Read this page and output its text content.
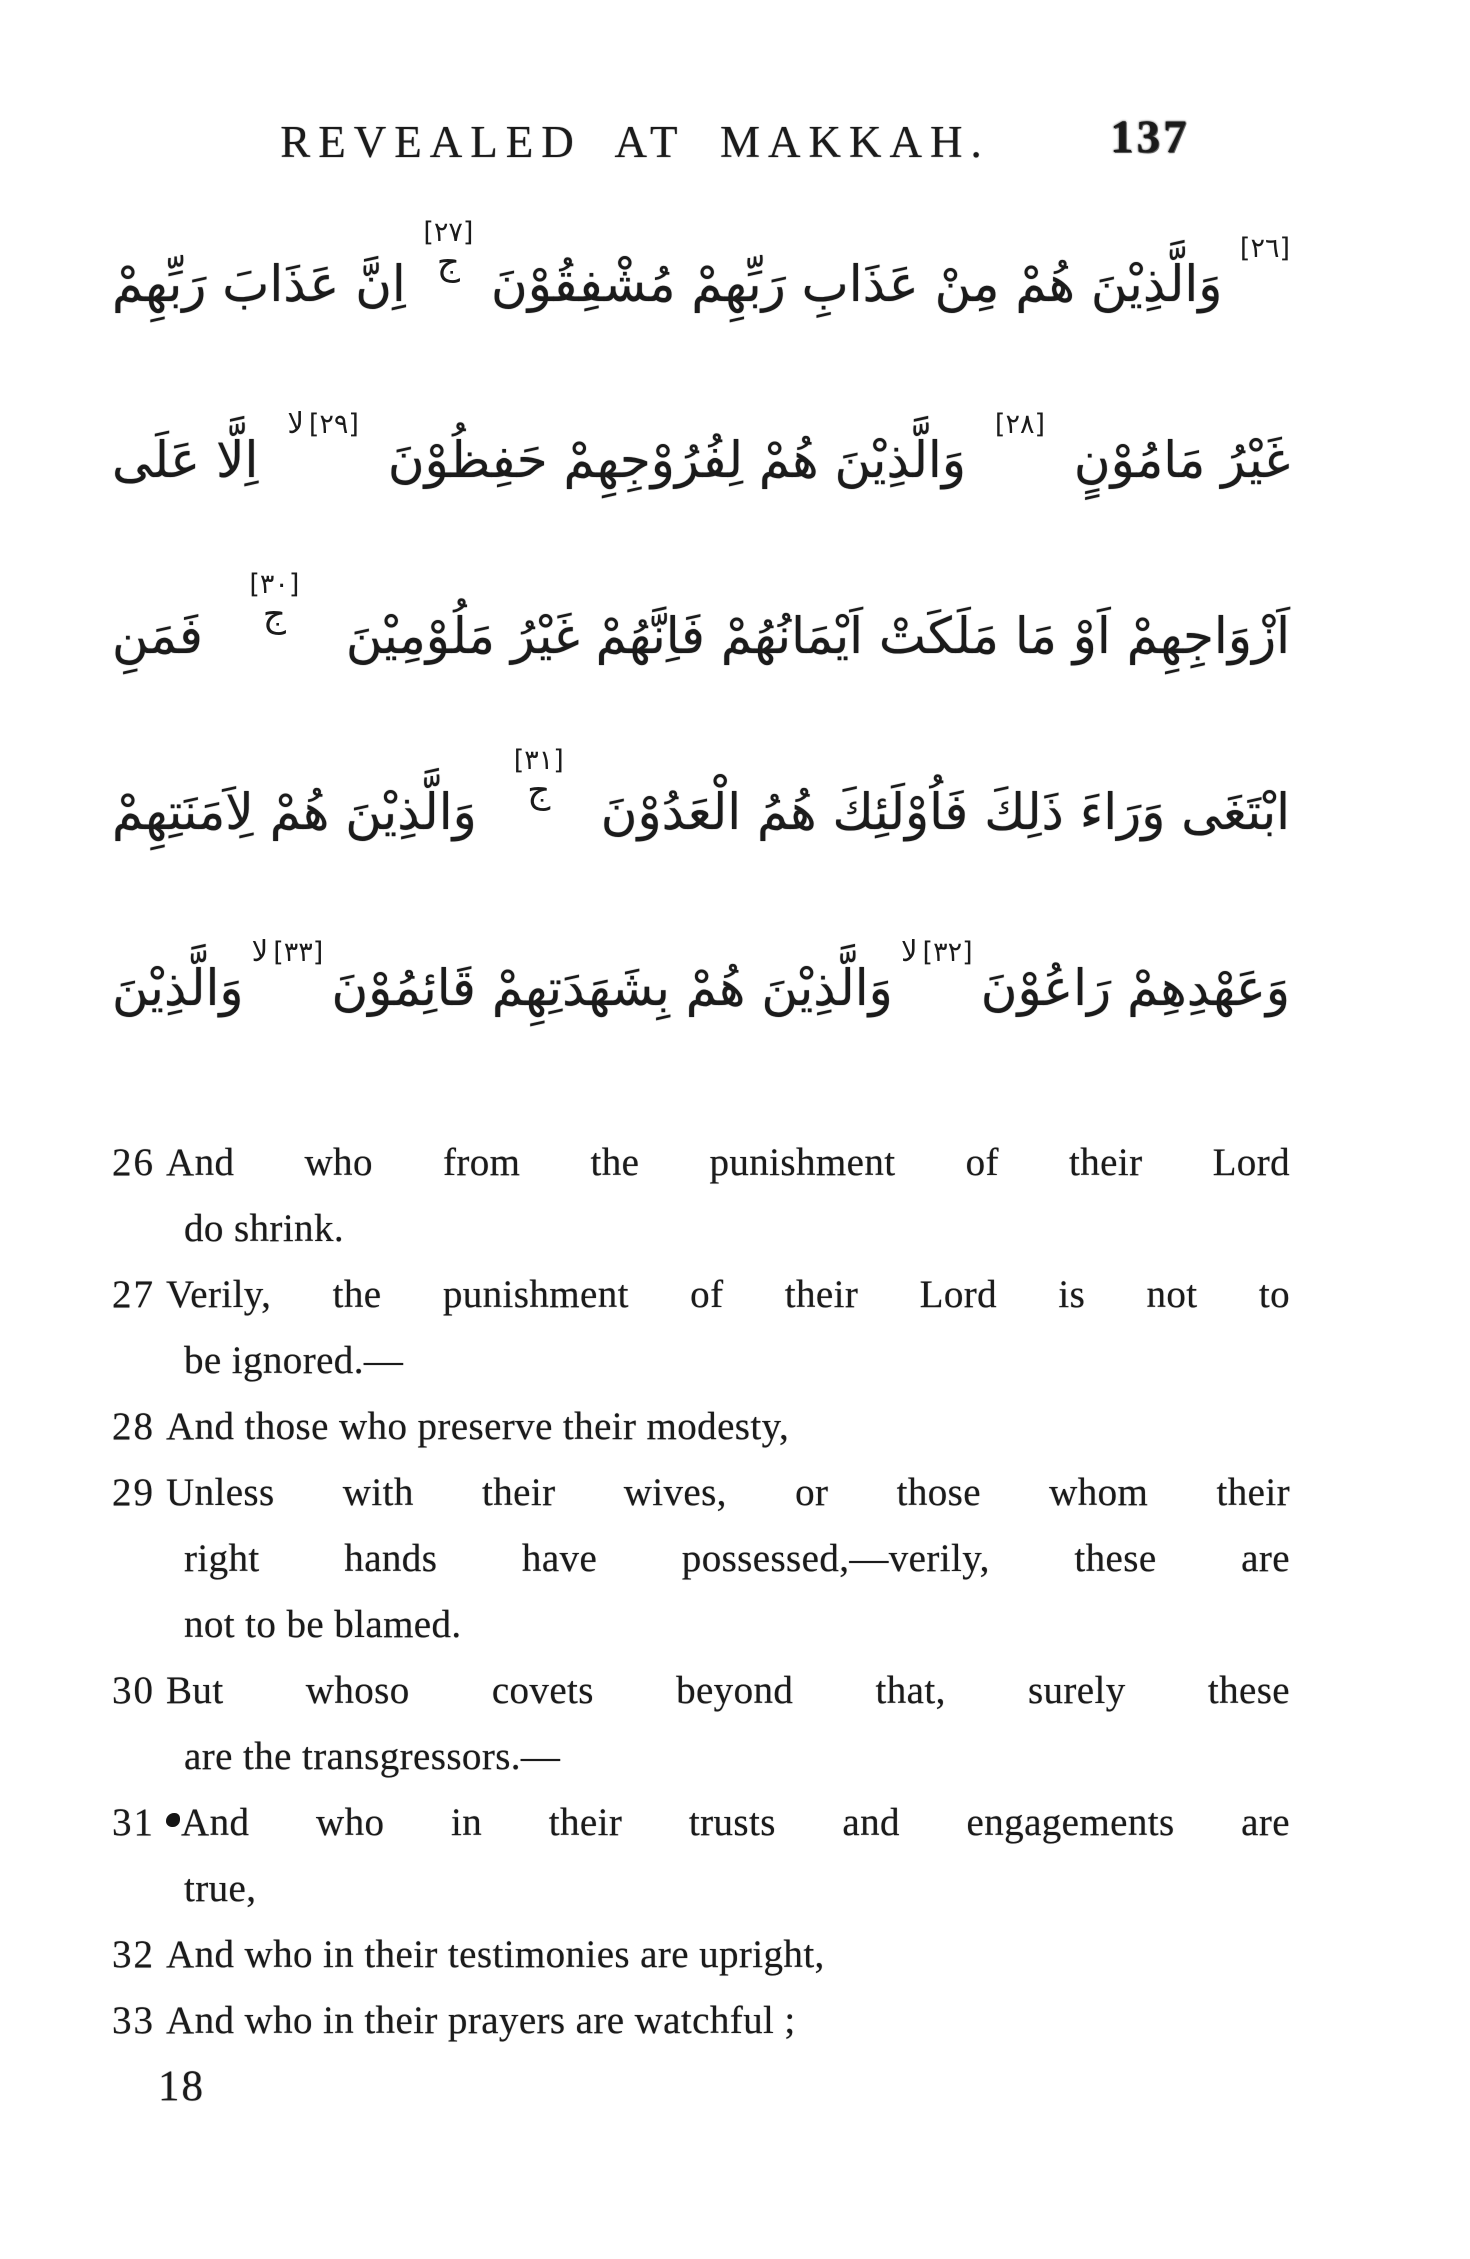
REVEALED AT MAKKAH.	137
[٢٦]
وَالَّذِيْنَ هُمْ مِنْ عَذَابِ رَبِّهِمْ مُشْفِقُوْنَ
[٢٧]
ج
اِنَّ عَذَابَ رَبِّهِمْ
غَيْرُ مَامُوْنٍ
[٢٨]
وَالَّذِيْنَ هُمْ لِفُرُوْجِهِمْ حَفِظُوْنَ
[٢٩]
لا
اِلَّا عَلَى
اَزْوَاجِهِمْ اَوْ مَا مَلَكَتْ اَيْمَانُهُمْ فَاِنَّهُمْ غَيْرُ مَلُوْمِيْنَ
[٣٠]
ج
فَمَنِ
ابْتَغَى وَرَاءَ ذَلِكَ فَاُوْلَئِكَ هُمُ الْعَدُوْنَ
[٣١]
ج
وَالَّذِيْنَ هُمْ لِاَمَنَتِهِمْ
وَعَهْدِهِمْ رَاعُوْنَ
[٣٢]
لا
وَالَّذِيْنَ هُمْ بِشَهَدَتِهِمْ قَائِمُوْنَ
[٣٣]
لا
وَالَّذِيْنَ
26 And who from the punishment of their Lord
do shrink.
27 Verily, the punishment of their Lord is not to
be ignored.—
28 And those who preserve their modesty,
29 Unless with their wives, or those whom their
right hands have possessed,—verily, these are
not to be blamed.
30 But whoso covets beyond that, surely these
are the transgressors.—
31 And who in their trusts and engagements are
true,
32 And who in their testimonies are upright,
33 And who in their prayers are watchful ;
18
